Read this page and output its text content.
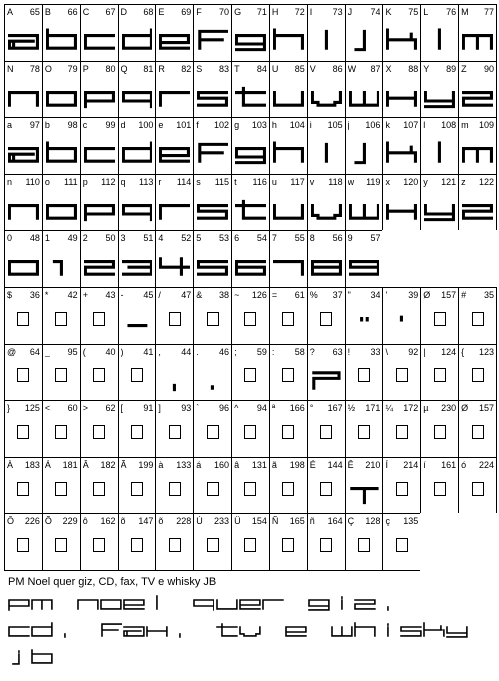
A 65 B 66 C 67 D 68 E 69 F 70 G 71 H 72 I 73 J 74 K 75 L 76 M 77
N 78 O 79 P 80 Q 81 R 82 S 83 T 84 U 85 V 86 W 87 X 88 Y 89 Z 90
a 97 b 98 c 99 d 100 e 101 f 102 g 103 h 104 i 105 j 106 k 107 l 108 m 109
n 110 o 111 p 112 q 113 r 114 s 115 t 116 u 117 v 118 w 119 x 120 y 121 z 122
0 48 1 49 2 50 3 51 4 52 5 53 6 54 7 55 8 56 9 57
$ 36 * 42 + 43 - 45 / 47 & 38 ~ 126 = 61 % 37 " 34 ' 39 Ø 157 # 35
@ 64 _ 95 ( 40 ) 41 , 44 . 46 ; 59 : 58 ? 63 ! 33 \ 92 | 124 { 123
} 125 < 60 > 62 [ 91 ] 93 ` 96 ^ 94 ª 166 ° 167 ½ 171 ¼ 172 µ 230 Ø 157
À 183 Á 181 Â 182 Ã 199 à 133 á 160 â 131 ã 198 É 144 Ê 210 Í 214 í 161 ó 224
Ô 226 Õ 229 ô 162 õ 147 õ 228 Ú 233 Ü 154 Ñ 165 ñ 164 Ç 128 ç 135
PM Noel quer giz, CD, fax, TV e whisky JB
